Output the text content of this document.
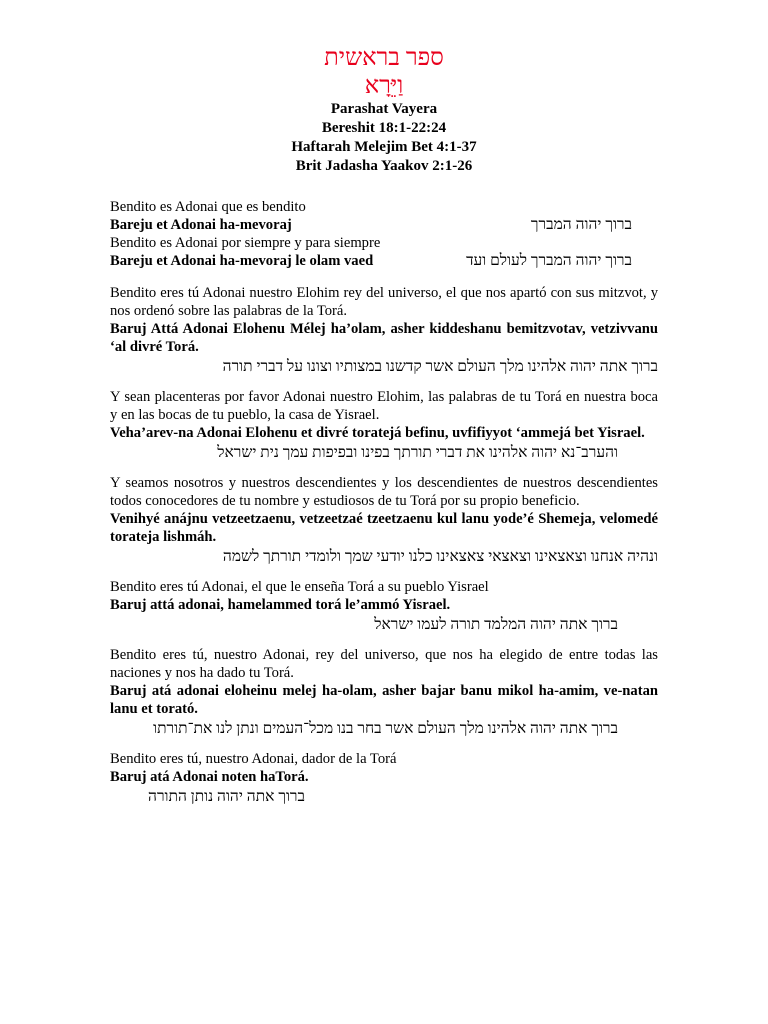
ספר בראשית
וַיֵּרָא
Parashat Vayera
Bereshit 18:1-22:24
Haftarah Melejim Bet 4:1-37
Brit Jadasha Yaakov 2:1-26

Bendito es Adonai que es bendito

Bareju et Adonai ha-mevoraj	ברוך יהוה המברך

Bendito es Adonai por siempre y para siempre

Bareju et Adonai ha-mevoraj le olam vaed	ברוך יהוה המברך לעולם ועד

Bendito eres tú Adonai nuestro Elohim rey del universo, el que nos apartó con sus mitzvot, y nos ordenó sobre las palabras de la Torá.

Baruj Attá Adonai Elohenu Mélej ha’olam, asher kiddeshanu bemitzvotav, vetzivvanu ‘al divré Torá.

ברוך אתה יהוה אלהינו מלך העולם אשר קדשנו במצותיו וצונו על דברי תורה

Y sean placenteras por favor Adonai nuestro Elohim, las palabras de tu Torá en nuestra boca y en las bocas de tu pueblo, la casa de Yisrael.

Veha’arev-na Adonai Elohenu et divré toratejá befinu, uvfifiyyot ‘ammejá bet Yisrael.

והערב־נא יהוה אלהינו את דברי תורתך בפינו ובפיפות עמך נית ישראל

Y seamos nosotros y nuestros descendientes y los descendientes de nuestros descendientes todos conocedores de tu nombre y estudiosos de tu Torá por su propio beneficio.

Venihyé anájnu vetzeetzaenu, vetzeetzaé tzeetzaenu kul lanu yode’é Shemeja, velomedé torateja lishmáh.

ונהיה אנחנו וצאצאינו וצאצאי צאצאינו כלנו יודעי שמך ולומדי תורתך לשמה

Bendito eres tú Adonai, el que le enseña Torá a su pueblo Yisrael

Baruj attá adonai, hamelammed torá le’ammó Yisrael.

ברוך אתה יהוה המלמד תורה לעמו ישראל

Bendito eres tú, nuestro Adonai, rey del universo, que nos ha elegido de entre todas las naciones y nos ha dado tu Torá.

Baruj atá adonai eloheinu melej ha-olam, asher bajar banu mikol ha-amim, ve-natan lanu et torató.

ברוך אתה יהוה אלהינו מלך העולם אשר בחר בנו מכל־העמים ונתן לנו את־תורתו

Bendito eres tú, nuestro Adonai, dador de la Torá

Baruj atá Adonai noten haTorá.

ברוך אתה יהוה נותן התורה
